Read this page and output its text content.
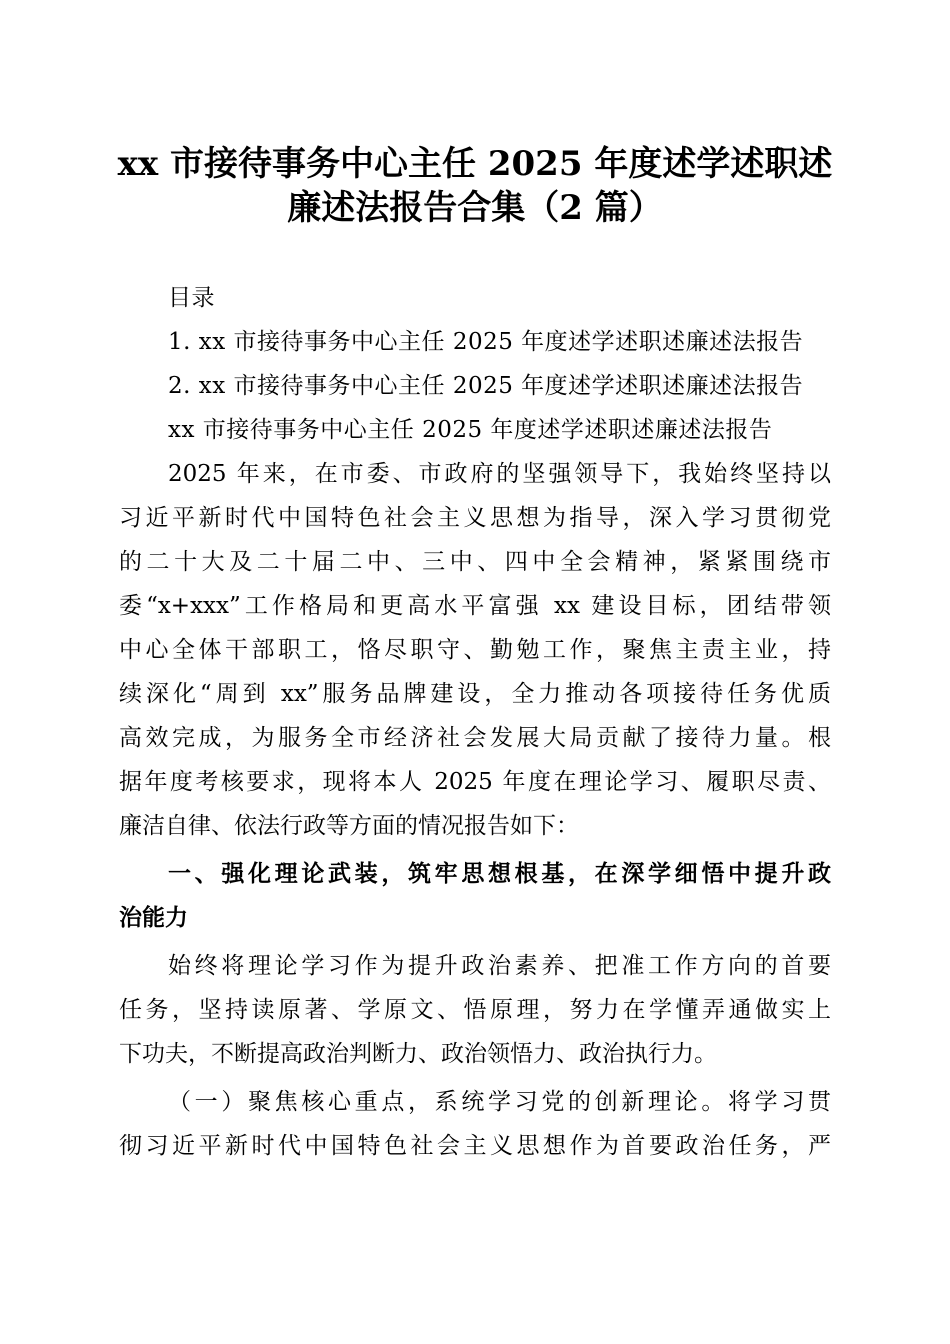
xx 市接待事务中心主任 2025 年度述学述职述
廉述法报告合集（2 篇）
目录
1. xx 市接待事务中心主任 2025 年度述学述职述廉述法报告
2. xx 市接待事务中心主任 2025 年度述学述职述廉述法报告
xx 市接待事务中心主任 2025 年度述学述职述廉述法报告
2025 年来，在市委、市政府的坚强领导下，我始终坚持以
习近平新时代中国特色社会主义思想为指导，深入学习贯彻党
的二十大及二十届二中、三中、四中全会精神，紧紧围绕市
委“x+xxx”工作格局和更高水平富强 xx 建设目标，团结带领
中心全体干部职工，恪尽职守、勤勉工作，聚焦主责主业，持
续深化“周到 xx”服务品牌建设，全力推动各项接待任务优质
高效完成，为服务全市经济社会发展大局贡献了接待力量。根
据年度考核要求，现将本人 2025 年度在理论学习、履职尽责、
廉洁自律、依法行政等方面的情况报告如下：
一、强化理论武装，筑牢思想根基，在深学细悟中提升政
治能力
始终将理论学习作为提升政治素养、把准工作方向的首要
任务，坚持读原著、学原文、悟原理，努力在学懂弄通做实上
下功夫，不断提高政治判断力、政治领悟力、政治执行力。
（一）聚焦核心重点，系统学习党的创新理论。将学习贯
彻习近平新时代中国特色社会主义思想作为首要政治任务，严
